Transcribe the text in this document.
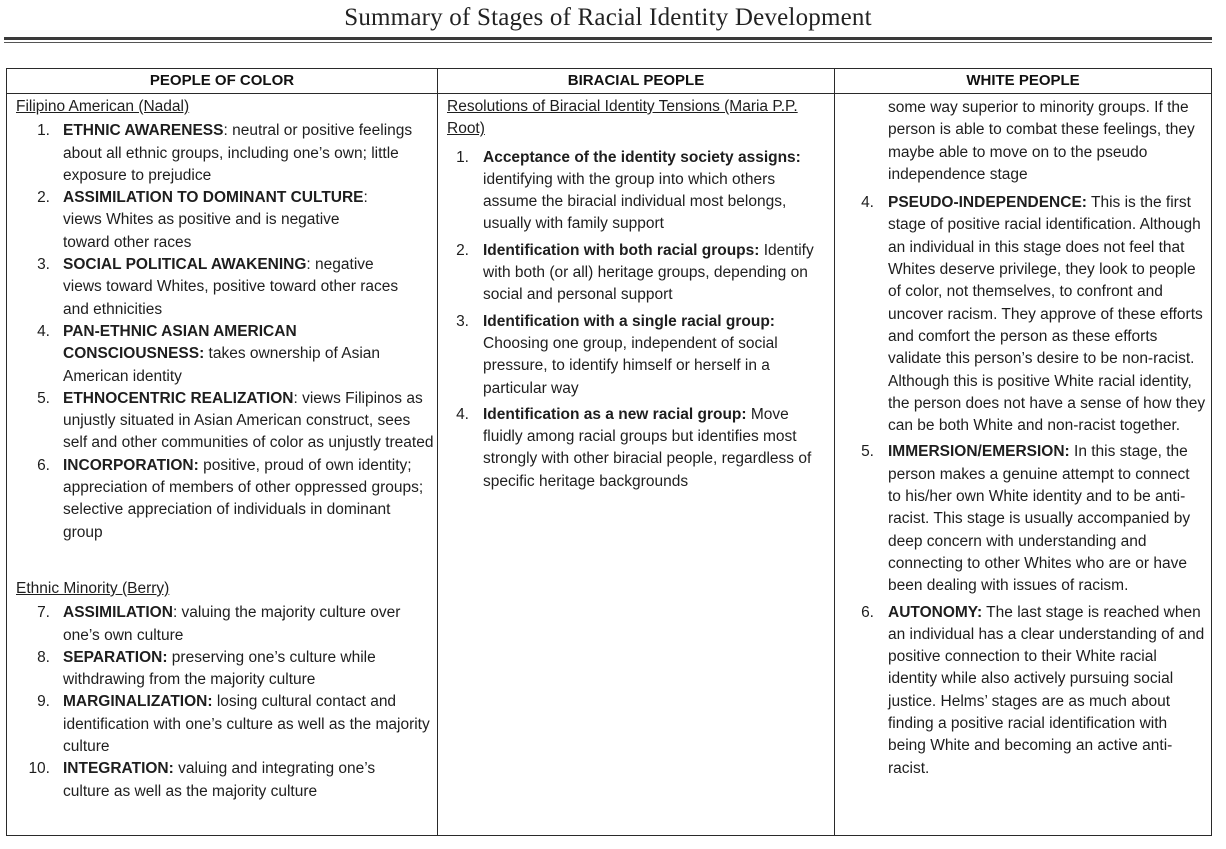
Summary of Stages of Racial Identity Development
PEOPLE OF COLOR	BIRACIAL PEOPLE	WHITE PEOPLE
Filipino American (Nadal)
1. ETHNIC AWARENESS: neutral or positive feelings about all ethnic groups, including one’s own; little exposure to prejudice
2. ASSIMILATION TO DOMINANT CULTURE: views Whites as positive and is negative toward other races
3. SOCIAL POLITICAL AWAKENING: negative views toward Whites, positive toward other races and ethnicities
4. PAN-ETHNIC ASIAN AMERICAN CONSCIOUSNESS: takes ownership of Asian American identity
5. ETHNOCENTRIC REALIZATION: views Filipinos as unjustly situated in Asian American construct, sees self and other communities of color as unjustly treated
6. INCORPORATION: positive, proud of own identity; appreciation of members of other oppressed groups; selective appreciation of individuals in dominant group
Ethnic Minority (Berry)
7. ASSIMILATION: valuing the majority culture over one’s own culture
8. SEPARATION: preserving one’s culture while withdrawing from the majority culture
9. MARGINALIZATION: losing cultural contact and identification with one’s culture as well as the majority culture
10. INTEGRATION: valuing and integrating one’s culture as well as the majority culture
Resolutions of Biracial Identity Tensions (Maria P.P. Root)
1. Acceptance of the identity society assigns: identifying with the group into which others assume the biracial individual most belongs, usually with family support
2. Identification with both racial groups: Identify with both (or all) heritage groups, depending on social and personal support
3. Identification with a single racial group: Choosing one group, independent of social pressure, to identify himself or herself in a particular way
4. Identification as a new racial group: Move fluidly among racial groups but identifies most strongly with other biracial people, regardless of specific heritage backgrounds
some way superior to minority groups. If the person is able to combat these feelings, they maybe able to move on to the pseudo independence stage
4. PSEUDO-INDEPENDENCE: This is the first stage of positive racial identification. Although an individual in this stage does not feel that Whites deserve privilege, they look to people of color, not themselves, to confront and uncover racism. They approve of these efforts and comfort the person as these efforts validate this person’s desire to be non-racist. Although this is positive White racial identity, the person does not have a sense of how they can be both White and non-racist together.
5. IMMERSION/EMERSION: In this stage, the person makes a genuine attempt to connect to his/her own White identity and to be anti-racist. This stage is usually accompanied by deep concern with understanding and connecting to other Whites who are or have been dealing with issues of racism.
6. AUTONOMY: The last stage is reached when an individual has a clear understanding of and positive connection to their White racial identity while also actively pursuing social justice. Helms’ stages are as much about finding a positive racial identification with being White and becoming an active anti-racist.
